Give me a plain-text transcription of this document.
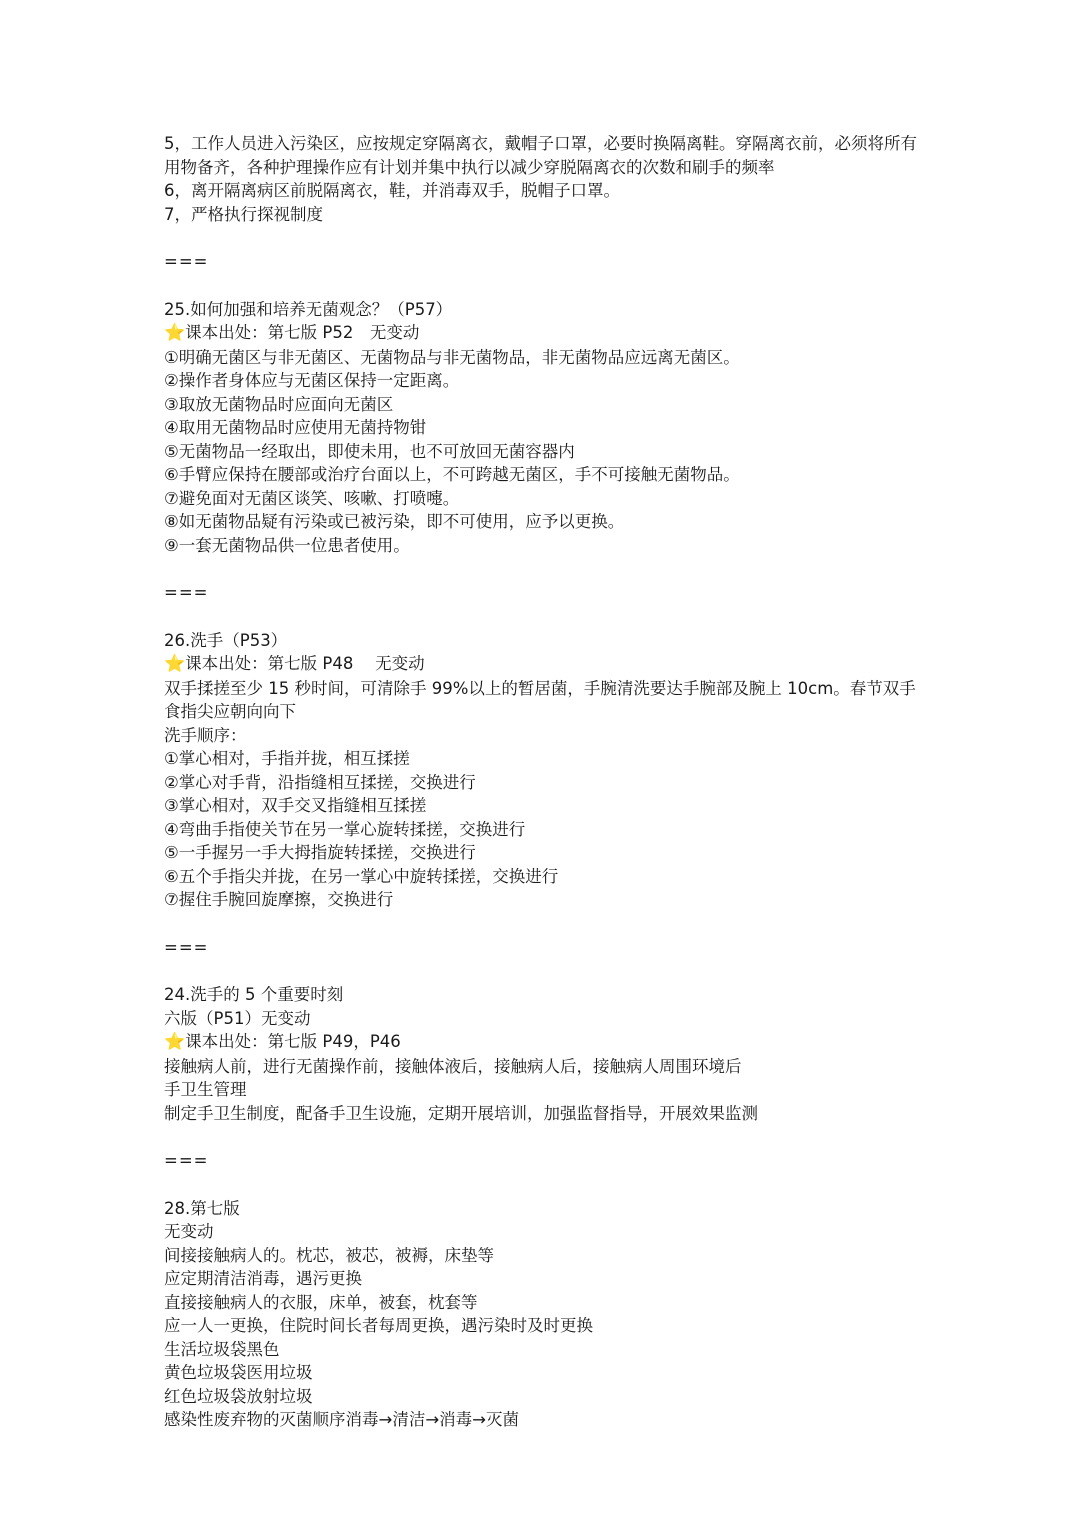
5，工作人员进入污染区，应按规定穿隔离衣，戴帽子口罩，必要时换隔离鞋。穿隔离衣前，必须将所有用物备齐，各种护理操作应有计划并集中执行以减少穿脱隔离衣的次数和刷手的频率
6，离开隔离病区前脱隔离衣，鞋，并消毒双手，脱帽子口罩。
7，严格执行探视制度
===
25.如何加强和培养无菌观念？（P57）
⭐课本出处：第七版 P52　无变动
①明确无菌区与非无菌区、无菌物品与非无菌物品，非无菌物品应远离无菌区。
②操作者身体应与无菌区保持一定距离。
③取放无菌物品时应面向无菌区
④取用无菌物品时应使用无菌持物钳
⑤无菌物品一经取出，即使未用，也不可放回无菌容器内
⑥手臂应保持在腰部或治疗台面以上，不可跨越无菌区，手不可接触无菌物品。
⑦避免面对无菌区谈笑、咳嗽、打喷嚏。
⑧如无菌物品疑有污染或已被污染，即不可使用，应予以更换。
⑨一套无菌物品供一位患者使用。
===
26.洗手（P53）
⭐课本出处：第七版 P48　 无变动
双手揉搓至少 15 秒时间，可清除手 99%以上的暂居菌，手腕清洗要达手腕部及腕上 10cm。春节双手食指尖应朝向向下
洗手顺序：
①掌心相对，手指并拢，相互揉搓
②掌心对手背，沿指缝相互揉搓，交换进行
③掌心相对，双手交叉指缝相互揉搓
④弯曲手指使关节在另一掌心旋转揉搓，交换进行
⑤一手握另一手大拇指旋转揉搓，交换进行
⑥五个手指尖并拢，在另一掌心中旋转揉搓，交换进行
⑦握住手腕回旋摩擦，交换进行
===
24.洗手的 5 个重要时刻
六版（P51）无变动
⭐课本出处：第七版 P49，P46
接触病人前，进行无菌操作前，接触体液后，接触病人后，接触病人周围环境后
手卫生管理
制定手卫生制度，配备手卫生设施，定期开展培训，加强监督指导，开展效果监测
===
28.第七版
无变动
间接接触病人的。枕芯，被芯，被褥，床垫等
应定期清洁消毒，遇污更换
直接接触病人的衣服，床单，被套，枕套等
应一人一更换，住院时间长者每周更换，遇污染时及时更换
生活垃圾袋黑色
黄色垃圾袋医用垃圾
红色垃圾袋放射垃圾
感染性废弃物的灭菌顺序消毒→清洁→消毒→灭菌
